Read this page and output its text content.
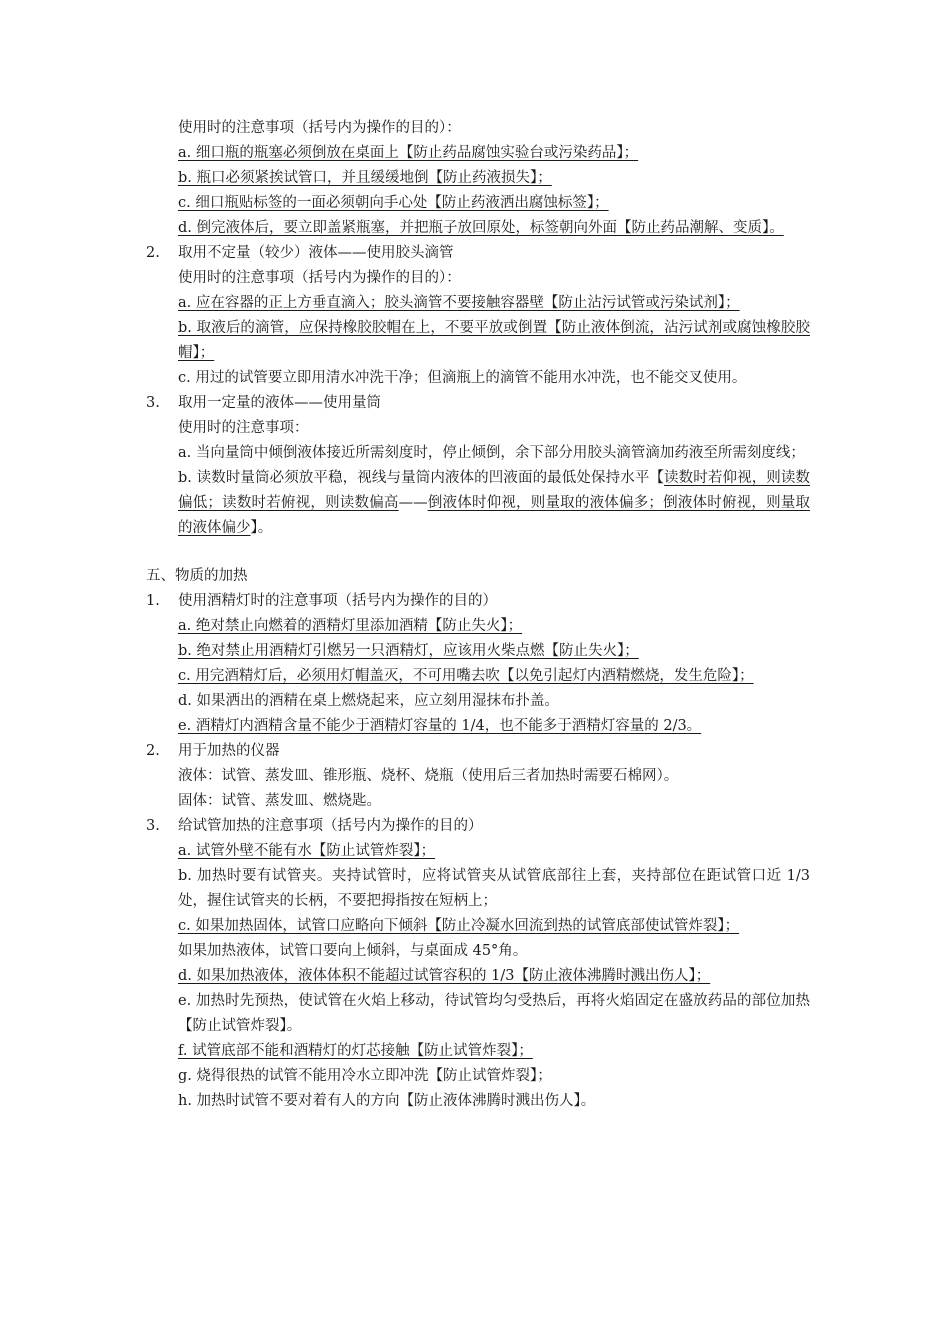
使用时的注意事项（括号内为操作的目的）：
a. 细口瓶的瓶塞必须倒放在桌面上【防止药品腐蚀实验台或污染药品】；
b. 瓶口必须紧挨试管口，并且缓缓地倒【防止药液损失】；
c. 细口瓶贴标签的一面必须朝向手心处【防止药液洒出腐蚀标签】；
d. 倒完液体后，要立即盖紧瓶塞，并把瓶子放回原处，标签朝向外面【防止药品潮解、变质】。
2.	取用不定量（较少）液体——使用胶头滴管
使用时的注意事项（括号内为操作的目的）：
a. 应在容器的正上方垂直滴入；胶头滴管不要接触容器壁【防止沾污试管或污染试剂】；
b. 取液后的滴管，应保持橡胶胶帽在上，不要平放或倒置【防止液体倒流，沾污试剂或腐蚀橡胶胶帽】；
c. 用过的试管要立即用清水冲洗干净；但滴瓶上的滴管不能用水冲洗，也不能交叉使用。
3.	取用一定量的液体——使用量筒
使用时的注意事项：
a. 当向量筒中倾倒液体接近所需刻度时，停止倾倒，余下部分用胶头滴管滴加药液至所需刻度线；
b. 读数时量筒必须放平稳，视线与量筒内液体的凹液面的最低处保持水平【读数时若仰视，则读数偏低；读数时若俯视，则读数偏高——倒液体时仰视，则量取的液体偏多；倒液体时俯视，则量取的液体偏少】。
五、物质的加热
1.	使用酒精灯时的注意事项（括号内为操作的目的）
a. 绝对禁止向燃着的酒精灯里添加酒精【防止失火】；
b. 绝对禁止用酒精灯引燃另一只酒精灯，应该用火柴点燃【防止失火】；
c. 用完酒精灯后，必须用灯帽盖灭，不可用嘴去吹【以免引起灯内酒精燃烧，发生危险】；
d. 如果洒出的酒精在桌上燃烧起来，应立刻用湿抹布扑盖。
e. 酒精灯内酒精含量不能少于酒精灯容量的 1/4，也不能多于酒精灯容量的 2/3。
2.	用于加热的仪器
液体：试管、蒸发皿、锥形瓶、烧杯、烧瓶（使用后三者加热时需要石棉网）。
固体：试管、蒸发皿、燃烧匙。
3.	给试管加热的注意事项（括号内为操作的目的）
a. 试管外壁不能有水【防止试管炸裂】；
b. 加热时要有试管夹。夹持试管时，应将试管夹从试管底部往上套，夹持部位在距试管口近 1/3 处，握住试管夹的长柄，不要把拇指按在短柄上；
c. 如果加热固体，试管口应略向下倾斜【防止冷凝水回流到热的试管底部使试管炸裂】；
如果加热液体，试管口要向上倾斜，与桌面成 45°角。
d. 如果加热液体，液体体积不能超过试管容积的 1/3【防止液体沸腾时溅出伤人】；
e. 加热时先预热，使试管在火焰上移动，待试管均匀受热后，再将火焰固定在盛放药品的部位加热【防止试管炸裂】。
f. 试管底部不能和酒精灯的灯芯接触【防止试管炸裂】；
g. 烧得很热的试管不能用冷水立即冲洗【防止试管炸裂】；
h. 加热时试管不要对着有人的方向【防止液体沸腾时溅出伤人】。
